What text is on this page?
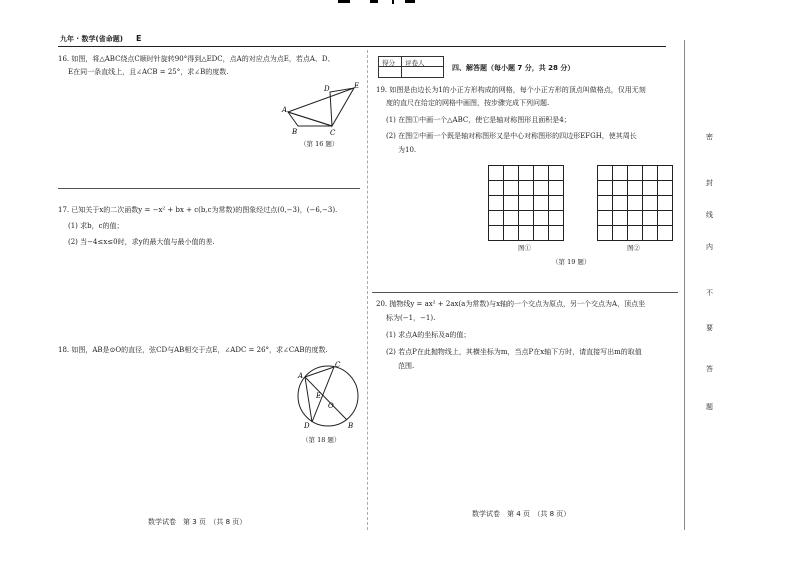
九年 · 数学(省命题) E
16. 如图，将△ABC绕点C顺时针旋转90°得到△EDC，点A的对应点为点E，若点A、D、
E在同一条直线上，且∠ACB = 25°，求∠B的度数.
A
B	C
D	E
（第 16 题）
17. 已知关于x的二次函数y = −x² + bx + c(b,c为常数)的图象经过点(0,−3)，(−6,−3).
(1) 求b，c的值；
(2) 当−4≤x≤0时，求y的最大值与最小值的差.
18. 如图，AB是⊙O的直径，弦CD与AB相交于点E，∠ADC = 26°，求∠CAB的度数.
A
B
C
D
E
O
（第 18 题）
数学试卷　第 3 页　（共 8 页）
得分 评卷人
四、解答题（每小题 7 分，共 28 分）
19. 如图是由边长为1的小正方形构成的网格，每个小正方形的顶点叫做格点，仅用无刻
度的直尺在给定的网格中画图，按步骤完成下列问题.
(1) 在图①中画一个△ABC，使它是轴对称图形且面积是4；
(2) 在图②中画一个既是轴对称图形又是中心对称图形的四边形EFGH，使其周长
为10.
图①	图②
（第 19 题）
20. 抛物线y = ax² + 2ax(a为常数)与x轴的一个交点为原点，另一个交点为A，顶点坐
标为(−1，−1).
(1) 求点A的坐标及a的值；
(2) 若点P在此抛物线上，其横坐标为m，当点P在x轴下方时，请直接写出m的取值
范围.
数学试卷　第 4 页　（共 8 页）
密
封
线
内
不
要
答
题
